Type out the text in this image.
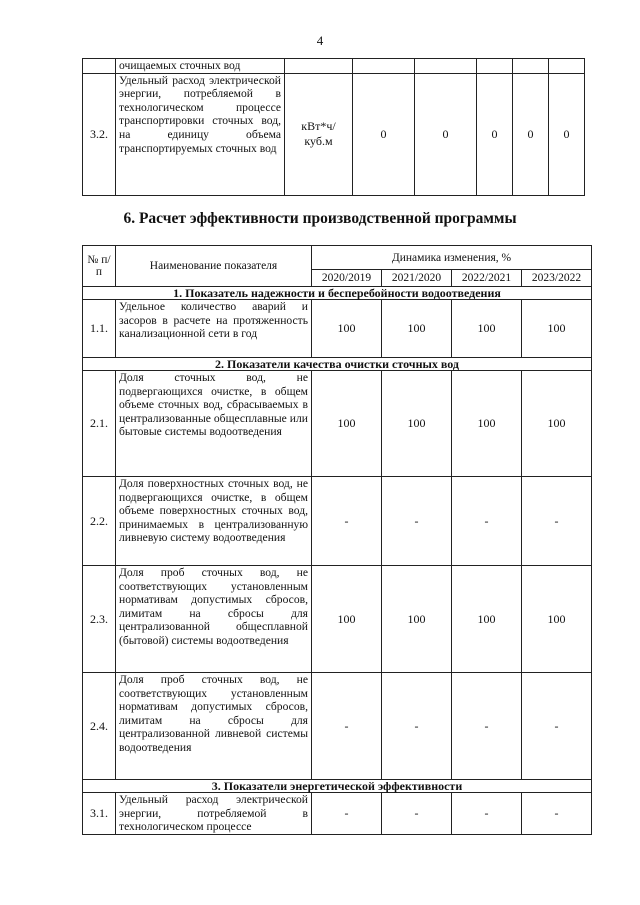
4
	очищаемых сточных вод						
3.2.	Удельный расход электрической энергии, потребляемой в технологическом процессе транспортировки сточных вод, на единицу объема транспортируемых сточных вод	кВт*ч/ куб.м	0	0	0	0	0
6. Расчет эффективности производственной программы
№ п/п	Наименование показателя	Динамика изменения, %			
		2020/2019	2021/2020	2022/2021	2023/2022
1. Показатель надежности и бесперебойности водоотведения					
1.1.	Удельное количество аварий и засоров в расчете на протяженность канализационной сети в год	100	100	100	100
2. Показатели качества очистки сточных вод					
2.1.	Доля сточных вод, не подвергающихся очистке, в общем объеме сточных вод, сбрасываемых в централизованные общесплавные или бытовые системы водоотведения	100	100	100	100
2.2.	Доля поверхностных сточных вод, не подвергающихся очистке, в общем объеме поверхностных сточных вод, принимаемых в централизованную ливневую систему водоотведения	-	-	-	-
2.3.	Доля проб сточных вод, не соответствующих установленным нормативам допустимых сбросов, лимитам на сбросы для централизованной общесплавной (бытовой) системы водоотведения	100	100	100	100
2.4.	Доля проб сточных вод, не соответствующих установленным нормативам допустимых сбросов, лимитам на сбросы для централизованной ливневой системы водоотведения	-	-	-	-
3. Показатели энергетической эффективности					
3.1.	Удельный расход электрической энергии, потребляемой в технологическом процессе	-	-	-	-
